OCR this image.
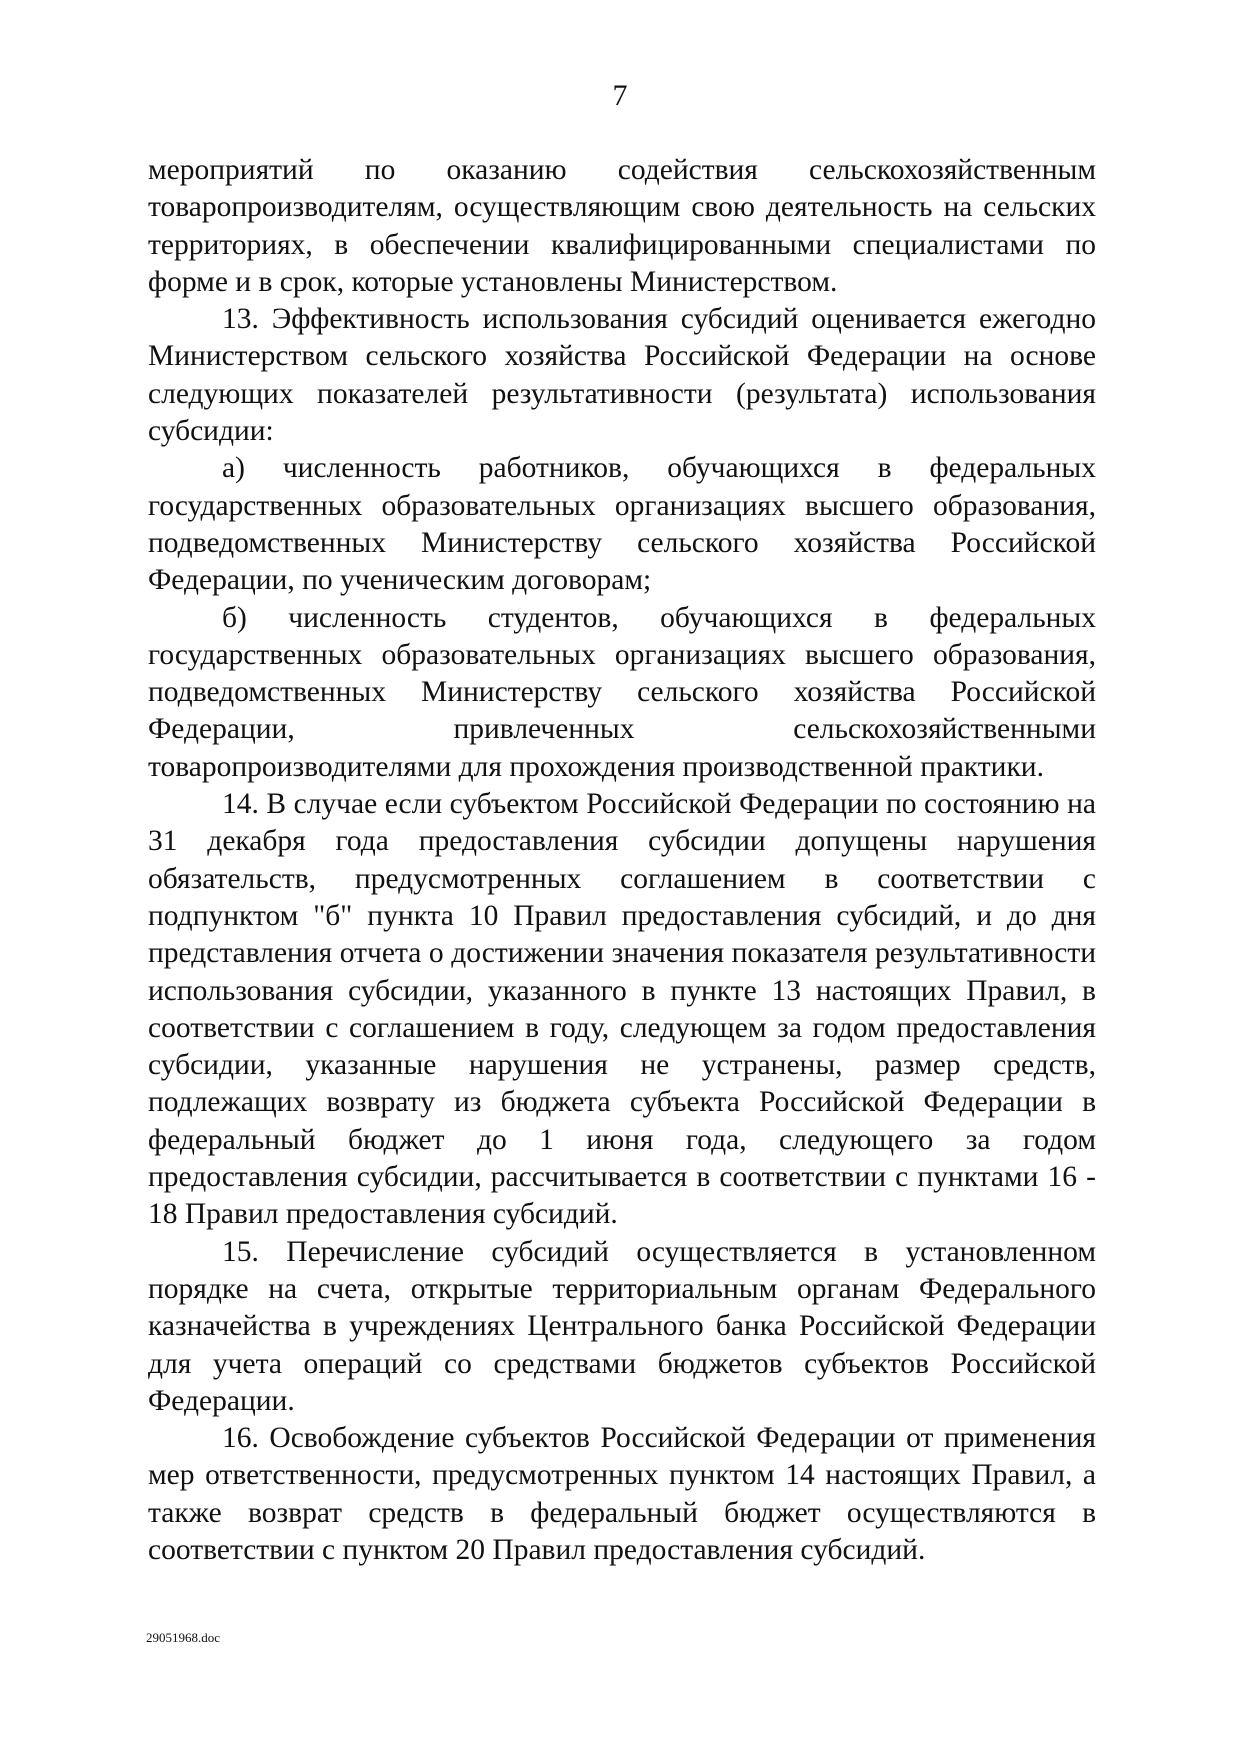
7

мероприятий по оказанию содействия сельскохозяйственным товаропроизводителям, осуществляющим свою деятельность на сельских территориях, в обеспечении квалифицированными специалистами по форме и в срок, которые установлены Министерством.

13. Эффективность использования субсидий оценивается ежегодно Министерством сельского хозяйства Российской Федерации на основе следующих показателей результативности (результата) использования субсидии:

а) численность работников, обучающихся в федеральных государственных образовательных организациях высшего образования, подведомственных Министерству сельского хозяйства Российской Федерации, по ученическим договорам;

б) численность студентов, обучающихся в федеральных государственных образовательных организациях высшего образования, подведомственных Министерству сельского хозяйства Российской Федерации, привлеченных сельскохозяйственными товаропроизводителями для прохождения производственной практики.

14. В случае если субъектом Российской Федерации по состоянию на 31 декабря года предоставления субсидии допущены нарушения обязательств, предусмотренных соглашением в соответствии с подпунктом "б" пункта 10 Правил предоставления субсидий, и до дня представления отчета о достижении значения показателя результативности использования субсидии, указанного в пункте 13 настоящих Правил, в соответствии с соглашением в году, следующем за годом предоставления субсидии, указанные нарушения не устранены, размер средств, подлежащих возврату из бюджета субъекта Российской Федерации в федеральный бюджет до 1 июня года, следующего за годом предоставления субсидии, рассчитывается в соответствии с пунктами 16 - 18 Правил предоставления субсидий.

15. Перечисление субсидий осуществляется в установленном порядке на счета, открытые территориальным органам Федерального казначейства в учреждениях Центрального банка Российской Федерации для учета операций со средствами бюджетов субъектов Российской Федерации.

16. Освобождение субъектов Российской Федерации от применения мер ответственности, предусмотренных пунктом 14 настоящих Правил, а также возврат средств в федеральный бюджет осуществляются в соответствии с пунктом 20 Правил предоставления субсидий.

29051968.doc
